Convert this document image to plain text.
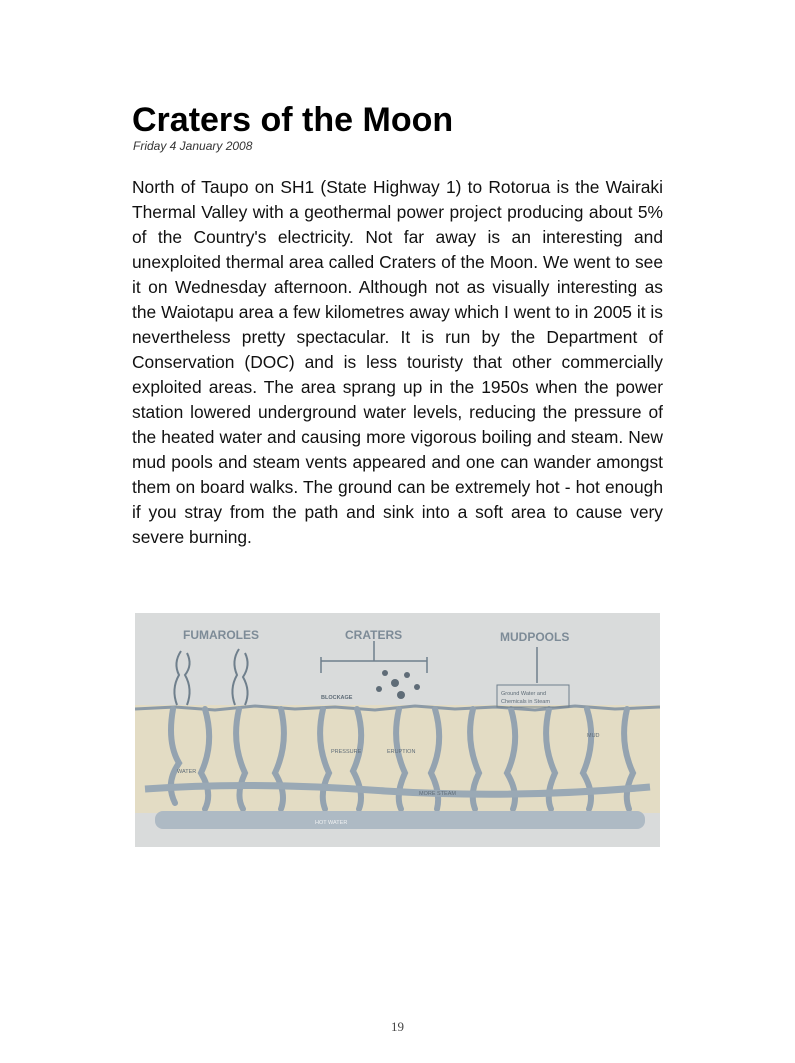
Craters of the Moon
Friday 4 January 2008

North of Taupo on SH1 (State Highway 1) to Rotorua is the Wairaki Thermal Valley with a geothermal power project producing about 5% of the Country's electricity. Not far away is an interesting and unexploited thermal area called Craters of the Moon. We went to see it on Wednesday afternoon. Although not as visually interesting as the Waiotapu area a few kilometres away which I went to in 2005 it is nevertheless pretty spectacular. It is run by the Department of Conservation (DOC) and is less touristy that other commercially exploited areas. The area sprang up in the 1950s when the power station lowered underground water levels, reducing the pressure of the heated water and causing more vigorous boiling and steam. New mud pools and steam vents appeared and one can wander amongst them on board walks. The ground can be extremely hot - hot enough if you stray from the path and sink into a soft area to cause very severe burning.

FUMAROLES	CRATERS	MUDPOOLS
BLOCKAGE
ERUPTION
PRESSURE
Ground Water and
Chemicals in Steam
MUD
WATER
MORE STEAM
HOT WATER
19
